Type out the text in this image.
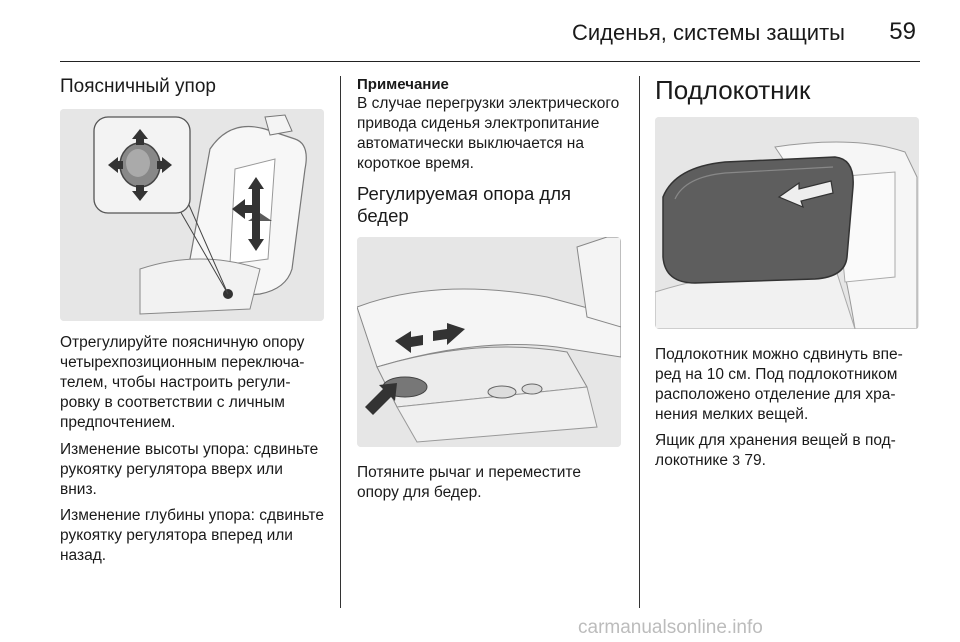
Сиденья, системы защиты 59
Поясничный упор

Отрегулируйте поясничную опору четырехпозиционным переключателем, чтобы настроить регулировку в соответствии с личным предпочтением.

Изменение высоты упора: сдвиньте рукоятку регулятора вверх или вниз.

Изменение глубины упора: сдвиньте рукоятку регулятора вперед или назад.

Примечание
В случае перегрузки электрического привода сиденья электропитание автоматически выключается на короткое время.
Регулируемая опора для бедер

Потяните рычаг и переместите опору для бедер.

Подлокотник

Подлокотник можно сдвинуть вперед на 10 см. Под подлокотником расположено отделение для хранения мелких вещей.

Ящик для хранения вещей в подлокотнике 3 79.

carmanualsonline.info
